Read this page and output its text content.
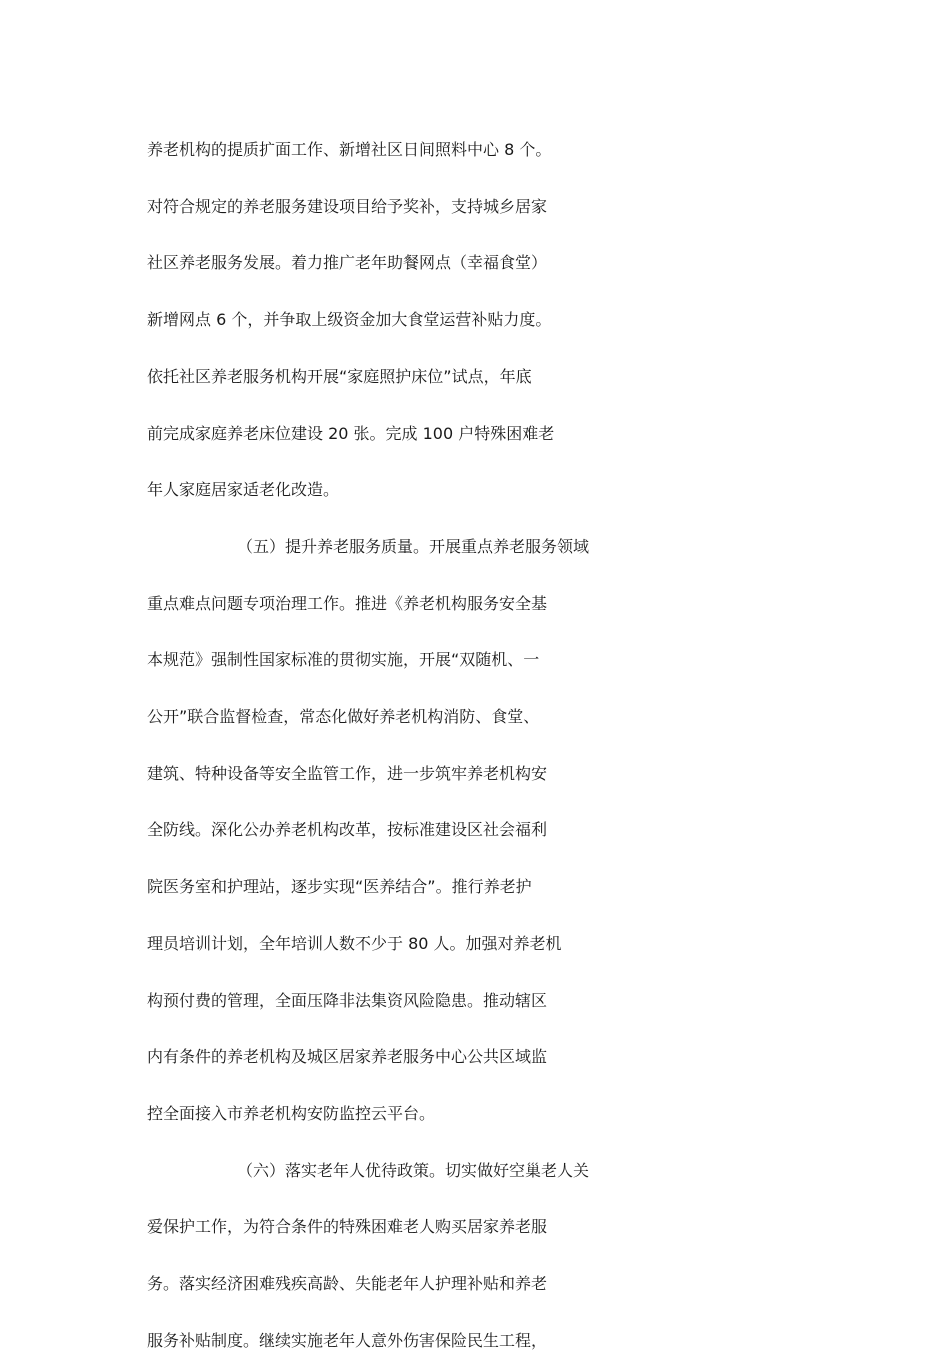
养老机构的提质扩面工作、新增社区日间照料中心 8 个。
对符合规定的养老服务建设项目给予奖补，支持城乡居家
社区养老服务发展。着力推广老年助餐网点（幸福食堂）
新增网点 6 个，并争取上级资金加大食堂运营补贴力度。
依托社区养老服务机构开展“家庭照护床位”试点，年底
前完成家庭养老床位建设 20 张。完成 100 户特殊困难老
年人家庭居家适老化改造。
（五）提升养老服务质量。开展重点养老服务领域
重点难点问题专项治理工作。推进《养老机构服务安全基
本规范》强制性国家标准的贯彻实施，开展“双随机、一
公开”联合监督检查，常态化做好养老机构消防、食堂、
建筑、特种设备等安全监管工作，进一步筑牢养老机构安
全防线。深化公办养老机构改革，按标准建设区社会福利
院医务室和护理站，逐步实现“医养结合”。推行养老护
理员培训计划，全年培训人数不少于 80 人。加强对养老机
构预付费的管理，全面压降非法集资风险隐患。推动辖区
内有条件的养老机构及城区居家养老服务中心公共区域监
控全面接入市养老机构安防监控云平台。
（六）落实老年人优待政策。切实做好空巢老人关
爱保护工作，为符合条件的特殊困难老人购买居家养老服
务。落实经济困难残疾高龄、失能老年人护理补贴和养老
服务补贴制度。继续实施老年人意外伤害保险民生工程，
